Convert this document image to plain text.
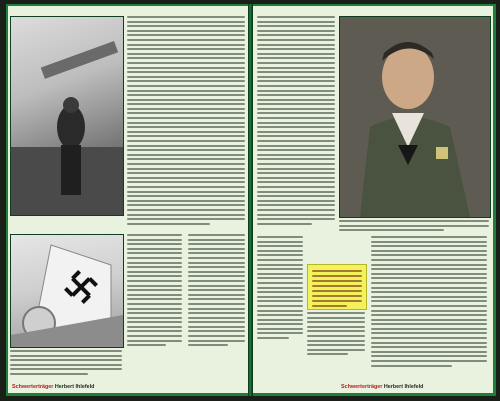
Schwerterträger Herbert Ihlefeld	Schwerterträger Herbert Ihlefeld
